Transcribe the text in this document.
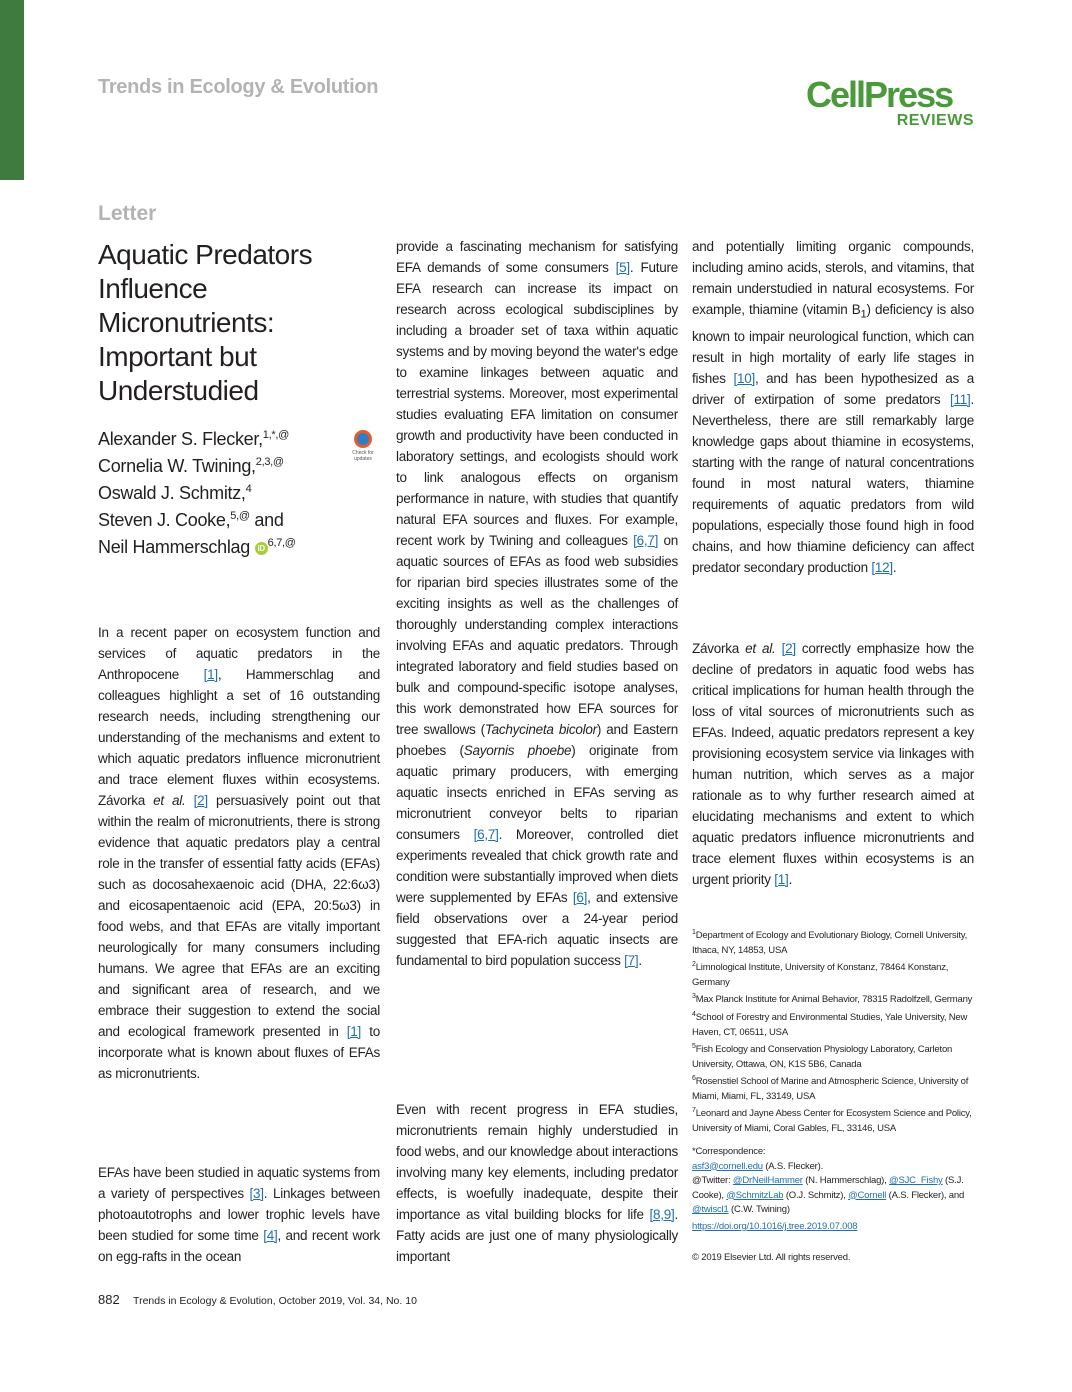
Trends in Ecology & Evolution	CellPress
REVIEWS
Letter
Aquatic Predators Influence Micronutrients: Important but Understudied
Alexander S. Flecker,$^{1,*,@}$
Cornelia W. Twining,$^{2,3,@}$
Oswald J. Schmitz,$^4$
Steven J. Cooke,$^{5,@}$ and
Neil Hammerschlag iD $^{6,7,@}$
Check for updates

In a recent paper on ecosystem function and services of aquatic predators in the Anthropocene [1], Hammerschlag and colleagues highlight a set of 16 outstanding research needs, including strengthening our understanding of the mechanisms and extent to which aquatic predators influence micronutrient and trace element fluxes within ecosystems. Závorka et al. [2] persuasively point out that within the realm of micronutrients, there is strong evidence that aquatic predators play a central role in the transfer of essential fatty acids (EFAs) such as docosahexaenoic acid (DHA, 22:6ω3) and eicosapentaenoic acid (EPA, 20:5ω3) in food webs, and that EFAs are vitally important neurologically for many consumers including humans. We agree that EFAs are an exciting and significant area of research, and we embrace their suggestion to extend the social and ecological framework presented in [1] to incorporate what is known about fluxes of EFAs as micronutrients.

EFAs have been studied in aquatic systems from a variety of perspectives [3]. Linkages between photoautotrophs and lower trophic levels have been studied for some time [4], and recent work on egg-rafts in the ocean

provide a fascinating mechanism for satisfying EFA demands of some consumers [5]. Future EFA research can increase its impact on research across ecological subdisciplines by including a broader set of taxa within aquatic systems and by moving beyond the water's edge to examine linkages between aquatic and terrestrial systems. Moreover, most experimental studies evaluating EFA limitation on consumer growth and productivity have been conducted in laboratory settings, and ecologists should work to link analogous effects on organism performance in nature, with studies that quantify natural EFA sources and fluxes. For example, recent work by Twining and colleagues [6,7] on aquatic sources of EFAs as food web subsidies for riparian bird species illustrates some of the exciting insights as well as the challenges of thoroughly understanding complex interactions involving EFAs and aquatic predators. Through integrated laboratory and field studies based on bulk and compound-specific isotope analyses, this work demonstrated how EFA sources for tree swallows (Tachycineta bicolor) and Eastern phoebes (Sayornis phoebe) originate from aquatic primary producers, with emerging aquatic insects enriched in EFAs serving as micronutrient conveyor belts to riparian consumers [6,7]. Moreover, controlled diet experiments revealed that chick growth rate and condition were substantially improved when diets were supplemented by EFAs [6], and extensive field observations over a 24-year period suggested that EFA-rich aquatic insects are fundamental to bird population success [7].

Even with recent progress in EFA studies, micronutrients remain highly understudied in food webs, and our knowledge about interactions involving many key elements, including predator effects, is woefully inadequate, despite their importance as vital building blocks for life [8,9]. Fatty acids are just one of many physiologically important

and potentially limiting organic compounds, including amino acids, sterols, and vitamins, that remain understudied in natural ecosystems. For example, thiamine (vitamin $B_1$) deficiency is also known to impair neurological function, which can result in high mortality of early life stages in fishes [10], and has been hypothesized as a driver of extirpation of some predators [11]. Nevertheless, there are still remarkably large knowledge gaps about thiamine in ecosystems, starting with the range of natural concentrations found in most natural waters, thiamine requirements of aquatic predators from wild populations, especially those found high in food chains, and how thiamine deficiency can affect predator secondary production [12].

Závorka et al. [2] correctly emphasize how the decline of predators in aquatic food webs has critical implications for human health through the loss of vital sources of micronutrients such as EFAs. Indeed, aquatic predators represent a key provisioning ecosystem service via linkages with human nutrition, which serves as a major rationale as to why further research aimed at elucidating mechanisms and extent to which aquatic predators influence micronutrients and trace element fluxes within ecosystems is an urgent priority [1].

$^1$Department of Ecology and Evolutionary Biology, Cornell University, Ithaca, NY, 14853, USA
$^2$Limnological Institute, University of Konstanz, 78464 Konstanz, Germany
$^3$Max Planck Institute for Animal Behavior, 78315 Radolfzell, Germany
$^4$School of Forestry and Environmental Studies, Yale University, New Haven, CT, 06511, USA
$^5$Fish Ecology and Conservation Physiology Laboratory, Carleton University, Ottawa, ON, K1S 5B6, Canada
$^6$Rosenstiel School of Marine and Atmospheric Science, University of Miami, Miami, FL, 33149, USA
$^7$Leonard and Jayne Abess Center for Ecosystem Science and Policy, University of Miami, Coral Gables, FL, 33146, USA
*Correspondence:
asf3@cornell.edu (A.S. Flecker).
@Twitter: @DrNeilHammer (N. Hammerschlag), @SJC_Fishy (S.J. Cooke), @SchmitzLab (O.J. Schmitz), @Cornell (A.S. Flecker), and @twiscl1 (C.W. Twining)
https://doi.org/10.1016/j.tree.2019.07.008
© 2019 Elsevier Ltd. All rights reserved.
882 Trends in Ecology & Evolution, October 2019, Vol. 34, No. 10
